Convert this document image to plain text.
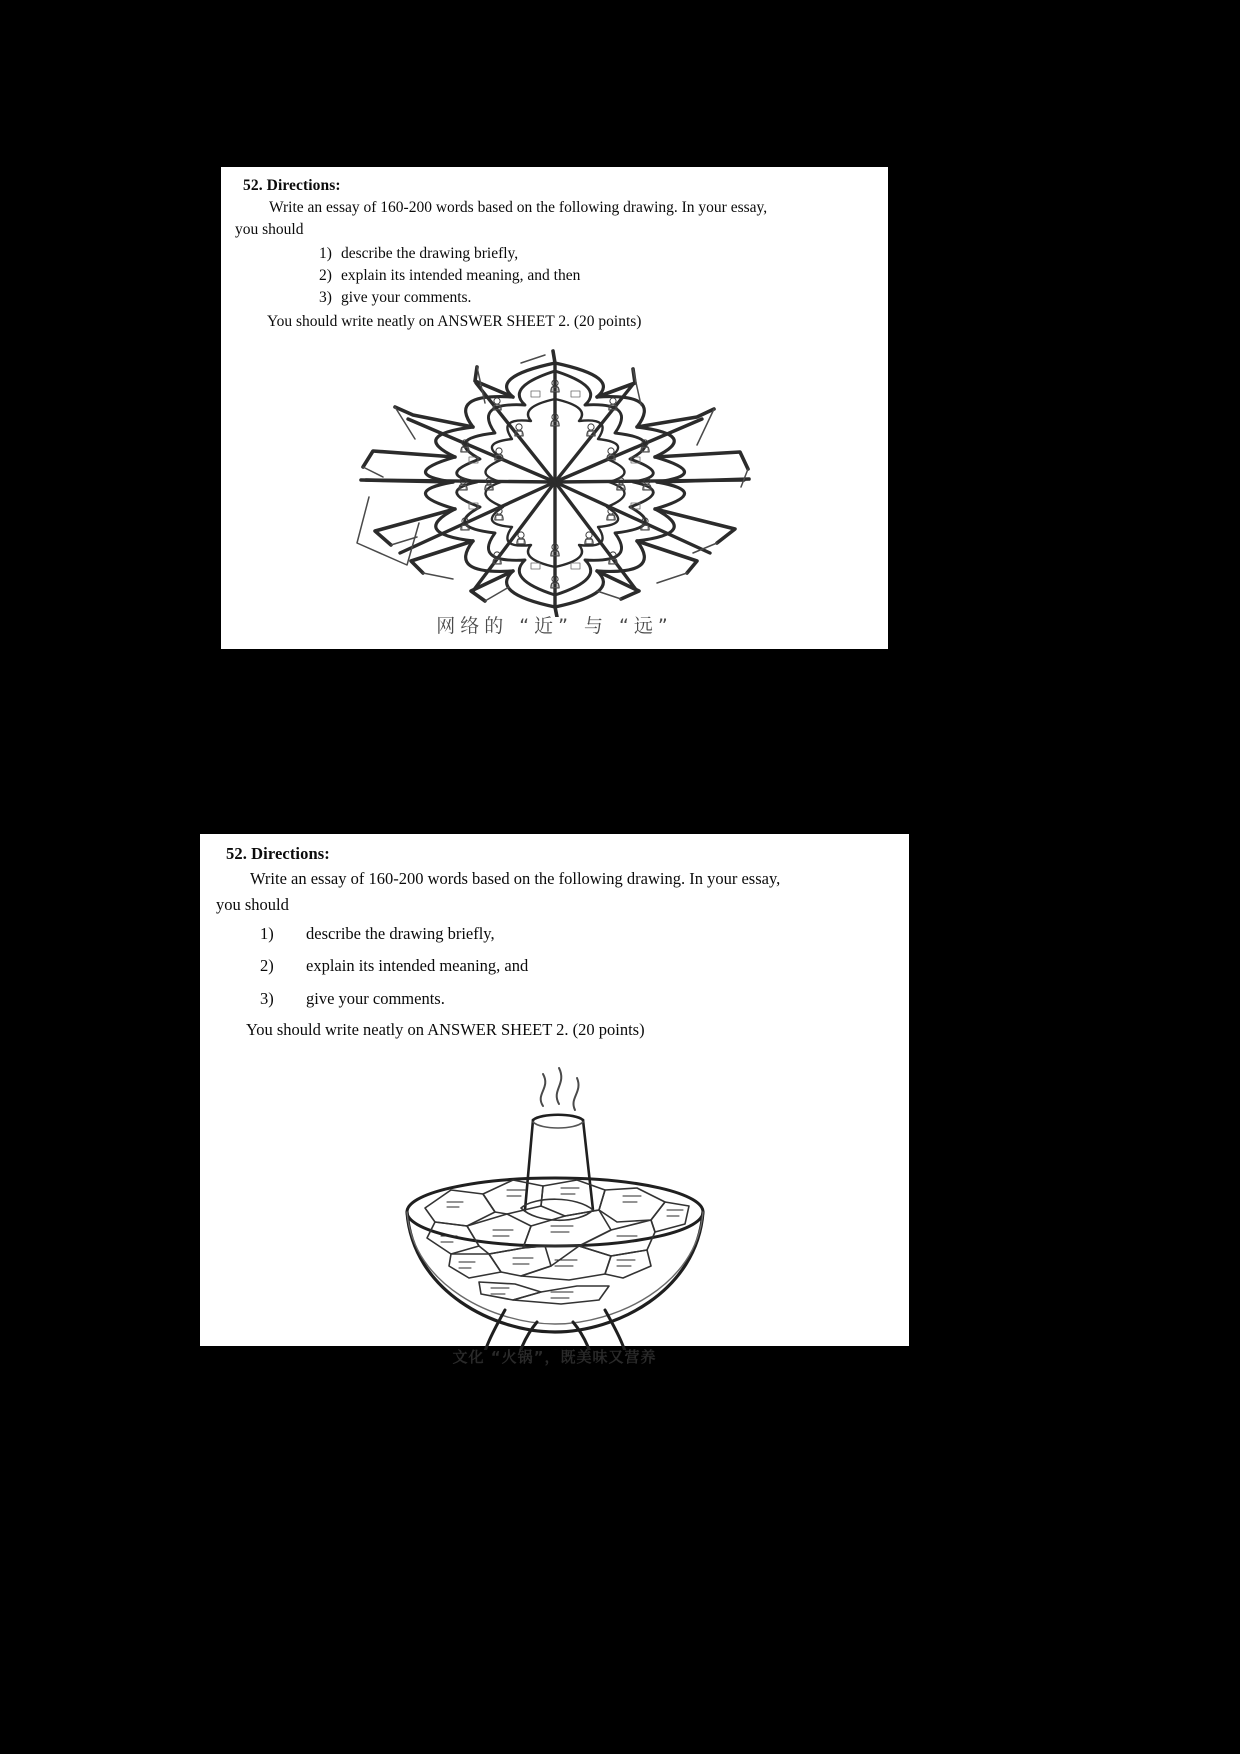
52. Directions:

Write an essay of 160-200 words based on the following drawing. In your essay,
you should

1) describe the drawing briefly,
2) explain its intended meaning, and then
3) give your comments.
You should write neatly on ANSWER SHEET 2. (20 points)
网络的 “近” 与 “远”
52. Directions:

Write an essay of 160-200 words based on the following drawing. In your essay,
you should

1) describe the drawing briefly,
2) explain its intended meaning, and
3) give your comments.
You should write neatly on ANSWER SHEET 2. (20 points)
文化 “火锅”，既美味又营养
